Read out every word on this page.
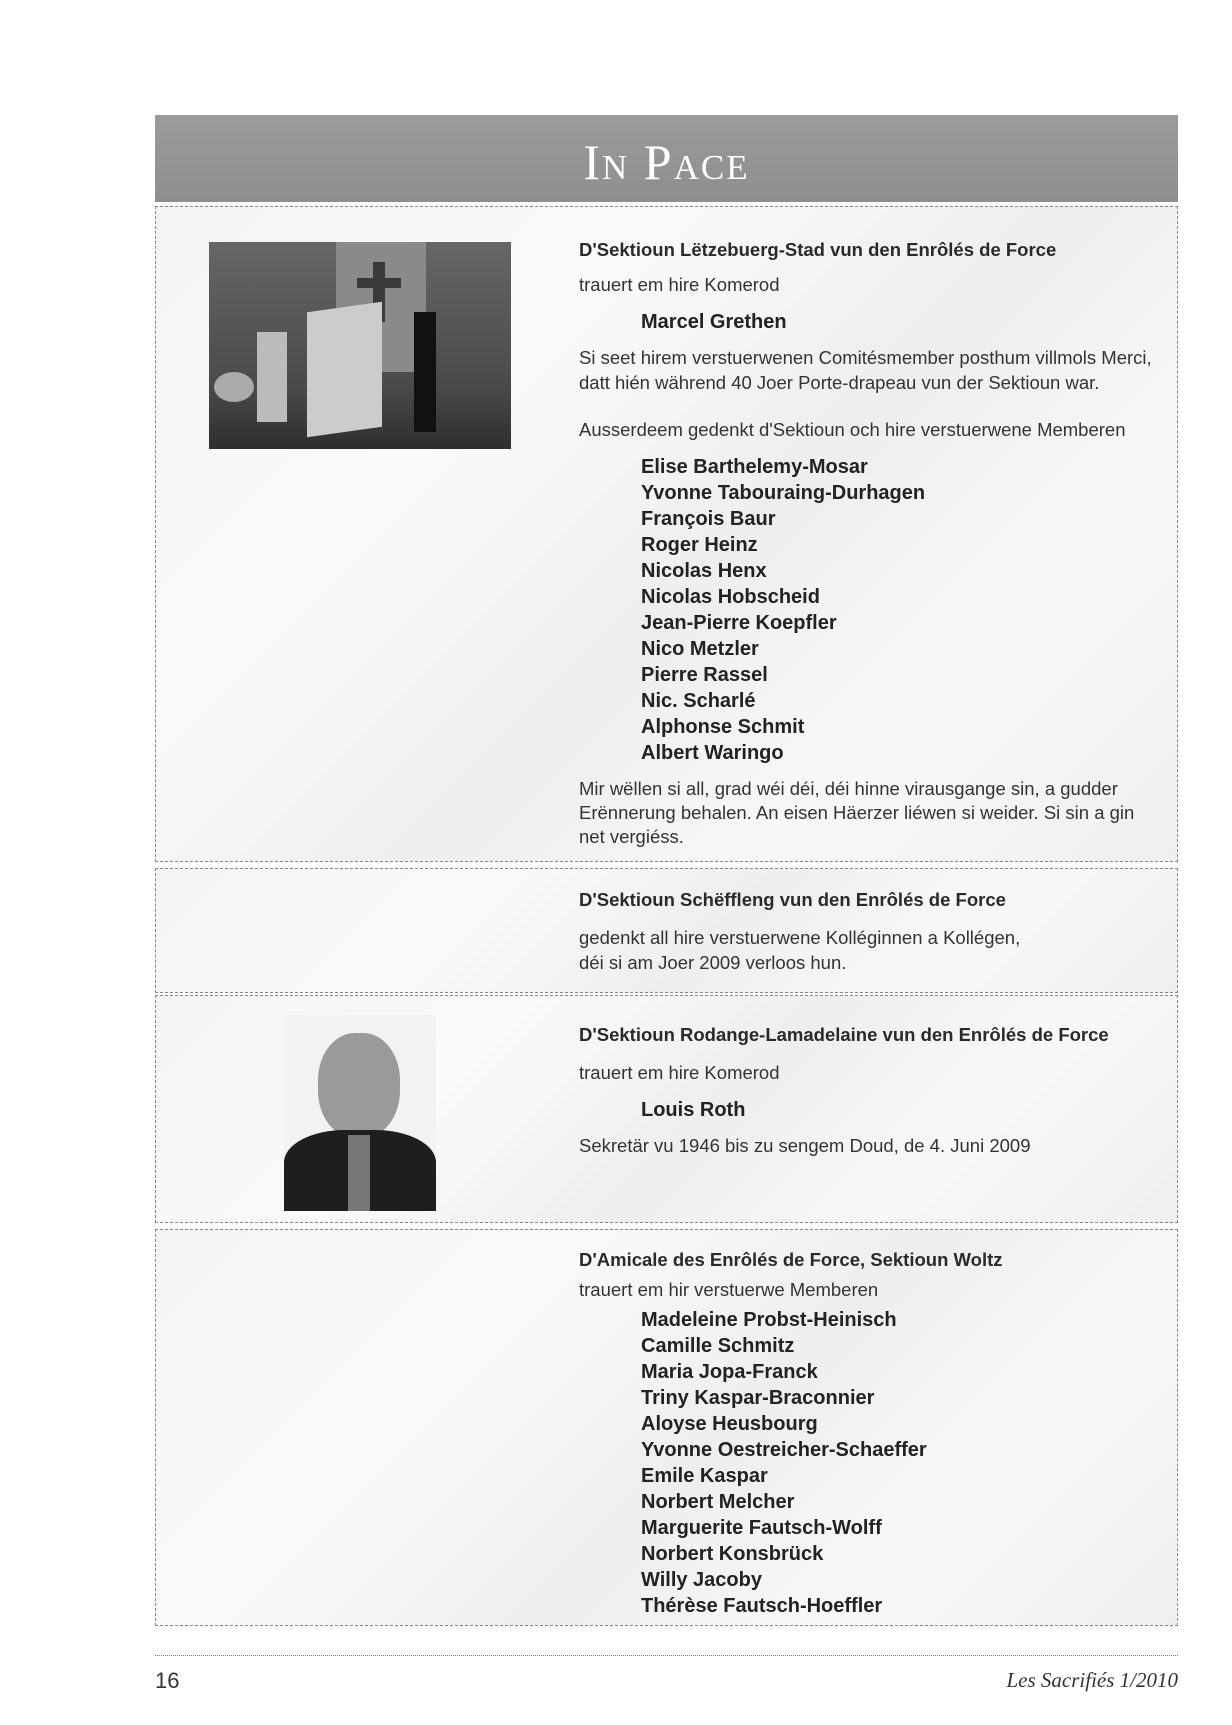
In Pace
D'Sektioun Lëtzebuerg-Stad vun den Enrôlés de Force
trauert em hire Komerod
Marcel Grethen
Si seet hirem verstuerwenen Comitésmember posthum villmols Merci,
datt hién während 40 Joer Porte-drapeau vun der Sektioun war.
Ausserdeem gedenkt d'Sektioun och hire verstuerwene Memberen
Elise Barthelemy-Mosar
Yvonne Tabouraing-Durhagen
François Baur
Roger Heinz
Nicolas Henx
Nicolas Hobscheid
Jean-Pierre Koepfler
Nico Metzler
Pierre Rassel
Nic. Scharlé
Alphonse Schmit
Albert Waringo
Mir wëllen si all, grad wéi déi, déi hinne virausgange sin, a gudder
Erënnerung behalen. An eisen Häerzer liéwen si weider. Si sin a gin
net vergiéss.
D'Sektioun Schëffleng vun den Enrôlés de Force
gedenkt all hire verstuerwene Kolléginnen a Kollégen,
déi si am Joer 2009 verloos hun.
D'Sektioun Rodange-Lamadelaine vun den Enrôlés de Force
trauert em hire Komerod
Louis Roth
Sekretär vu 1946 bis zu sengem Doud, de 4. Juni 2009
D'Amicale des Enrôlés de Force, Sektioun Woltz
trauert em hir verstuerwe Memberen
Madeleine Probst-Heinisch
Camille Schmitz
Maria Jopa-Franck
Triny Kaspar-Braconnier
Aloyse Heusbourg
Yvonne Oestreicher-Schaeffer
Emile Kaspar
Norbert Melcher
Marguerite Fautsch-Wolff
Norbert Konsbrück
Willy Jacoby
Thérèse Fautsch-Hoeffler
16	Les Sacrifiés 1/2010
